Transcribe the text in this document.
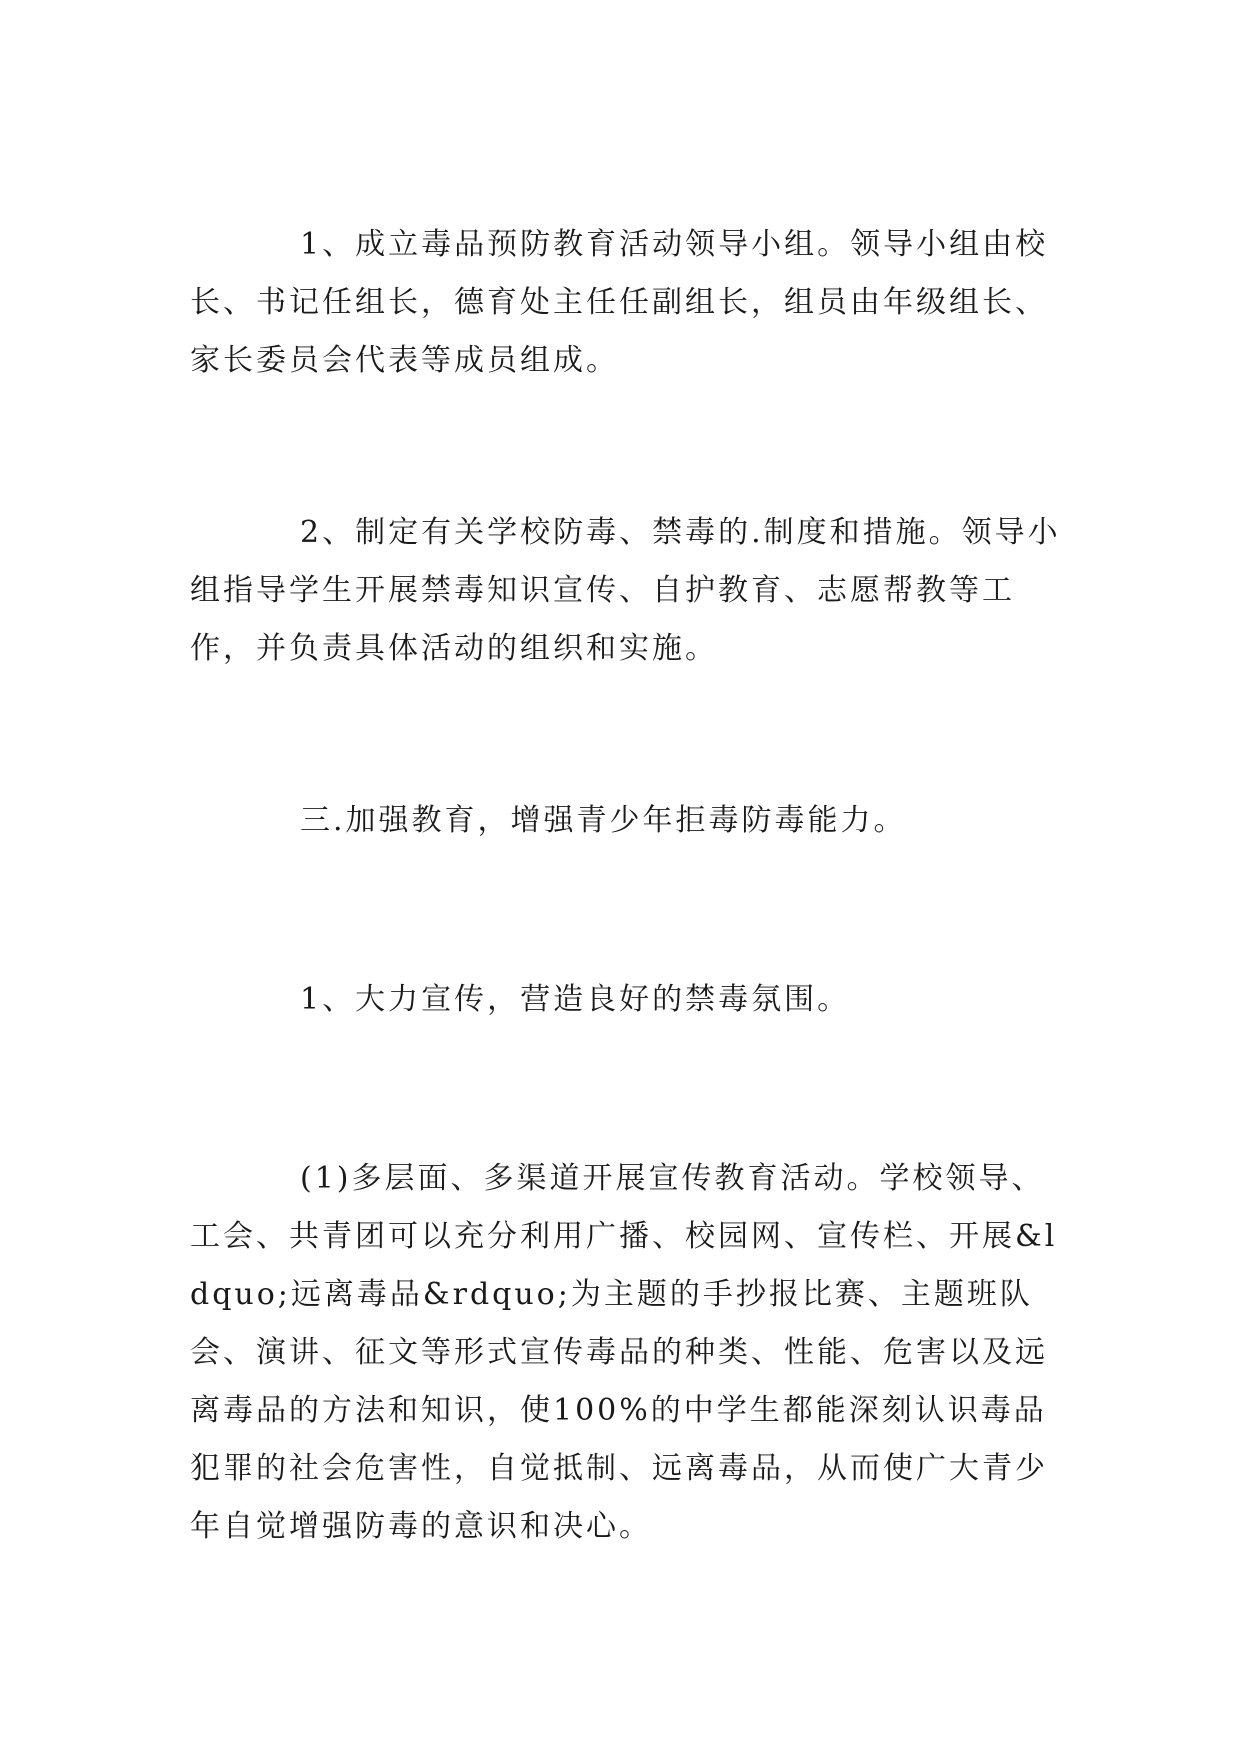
1、成立毒品预防教育活动领导小组。领导小组由校长、书记任组长，德育处主任任副组长，组员由年级组长、家长委员会代表等成员组成。

2、制定有关学校防毒、禁毒的.制度和措施。领导小组指导学生开展禁毒知识宣传、自护教育、志愿帮教等工作，并负责具体活动的组织和实施。

三.加强教育，增强青少年拒毒防毒能力。

1、大力宣传，营造良好的禁毒氛围。

(1)多层面、多渠道开展宣传教育活动。学校领导、工会、共青团可以充分利用广播、校园网、宣传栏、开展&ldquo;远离毒品&rdquo;为主题的手抄报比赛、主题班队会、演讲、征文等形式宣传毒品的种类、性能、危害以及远离毒品的方法和知识，使100%的中学生都能深刻认识毒品犯罪的社会危害性，自觉抵制、远离毒品，从而使广大青少年自觉增强防毒的意识和决心。
